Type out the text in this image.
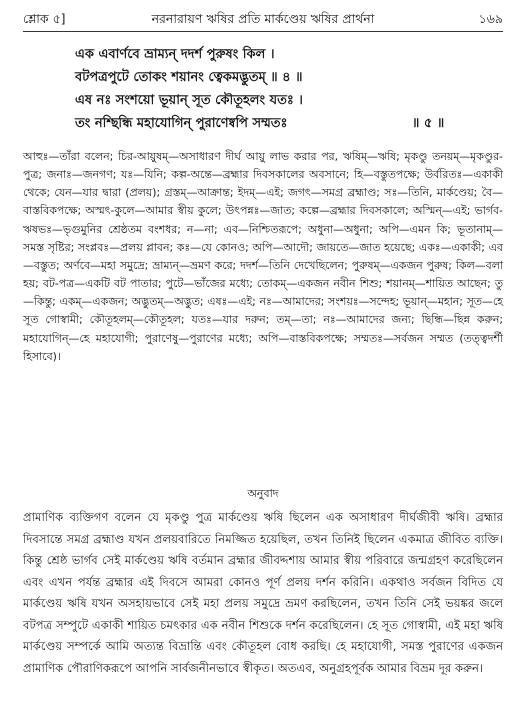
শ্লোক ৫]	নরনারায়ণ ঋষির প্রতি মার্কণ্ডেয় ঋষির প্রার্থনা	১৬৯
এক এবার্ণবে ভ্রাম্যন্ দদর্শ পুরুষং কিল ।
বটপত্রপুটে তোকং শয়ানং ত্বেকমদ্ভুতম্ ॥ ৪ ॥
এষ নঃ সংশয়ো ভূয়ান্ সূত কৌতূহলং যতঃ ।
তং নশ্ছিন্ধি মহাযোগিন্ পুরাণেষ্বপি সম্মতঃ	॥ ৫ ॥
আহুঃ—তাঁরা বলেন; চির-আয়ুষম্—অসাধারণ দীর্ঘ আয়ু লাভ করার পর, ঋষিম্—ঋষি; মৃকণ্ডু তনয়ম্—মৃকণ্ডুর-পুত্র; জনাঃ—জনগণ; যঃ—যিনি; কল্প-অন্তে—ব্রহ্মার দিবসকালের অবসানে; হি—বস্তুতপক্ষে; উর্বরিতঃ—একাকী থেকে; যেন—যার দ্বারা (প্রলয়); গ্রস্তম্—আক্রান্ত; ইদম্—এই; জগৎ—সমগ্র ব্রহ্মাণ্ড; সঃ—তিনি, মার্কণ্ডেয়; বৈ—বাস্তবিকপক্ষে; অস্মৎ-কুলে—আমার স্বীয় কুলে; উৎপন্নঃ—জাত; কল্পে—ব্রহ্মার দিবসকালে; অস্মিন্—এই; ভার্গব-ঋষভঃ—ভৃগুমুনির শ্রেষ্ঠতম বংশধর; ন—না; এব—নিশ্চিতরূপে; অধুনা—অধুনা; অপি—এমন কি; ভূতানাম্—সমস্ত সৃষ্টির; সংপ্লবঃ—প্রলয় প্লাবন; কঃ—যে কোনও; অপি—আদৌ; জায়তে—জাত হয়েছে; একঃ—একাকী; এব—বস্তুত; অর্ণবে—মহা সমুদ্রে; ভ্রাম্যন্—ভ্রমণ করে; দদর্শ—তিনি দেখেছিলেন; পুরুষম্—একজন পুরুষ; কিল—বলা হয়; বট-পত্র—একটি বট পাতার; পুটে—ভাঁজের মধ্যে; তোকম্—একজন নবীন শিশু; শয়ানম্—শায়িত আছেন; তু—কিন্তু; একম্—একজন; অদ্ভুতম্—অদ্ভুত; এষঃ—এই; নঃ—আমাদের; সংশয়ঃ—সন্দেহ; ভূয়ান্—মহান; সূত—হে সূত গোস্বামী; কৌতূহলম্—কৌতূহল; যতঃ—যার দরুন; তম্—তা; নঃ—আমাদের জন্য; ছিন্ধি—ছিন্ন করুন; মহাযোগিন্—হে মহাযোগী; পুরাণেষু—পুরাণের মধ্যে; অপি—বাস্তবিকপক্ষে; সম্মতঃ—সর্বজন সম্মত (তত্ত্বদর্শী হিসাবে)।
অনুবাদ
প্রামাণিক ব্যক্তিগণ বলেন যে মৃকণ্ডু পুত্র মার্কণ্ডেয় ঋষি ছিলেন এক অসাধারণ দীর্ঘজীবী ঋষি। ব্রহ্মার দিবসান্তে সমগ্র ব্রহ্মাণ্ড যখন প্রলয়বারিতে নিমজ্জিত হয়েছিল, তখন তিনিই ছিলেন একমাত্র জীবিত ব্যক্তি। কিন্তু শ্রেষ্ঠ ভার্গব সেই মার্কণ্ডেয় ঋষি বর্তমান ব্রহ্মার জীবদ্দশায় আমার স্বীয় পরিবারে জন্মগ্রহণ করেছিলেন এবং এখন পর্যন্ত ব্রহ্মার এই দিবসে আমরা কোনও পূর্ণ প্রলয় দর্শন করিনি। একথাও সর্বজন বিদিত যে মার্কণ্ডেয় ঋষি যখন অসহায়ভাবে সেই মহা প্রলয় সমুদ্রে ভ্রমণ করছিলেন, তখন তিনি সেই ভয়ঙ্কর জলে বটপত্র সম্পুটে একাকী শায়িত চমৎকার এক নবীন শিশুকে দর্শন করেছিলেন। হে সূত গোস্বামী, এই মহা ঋষি মার্কণ্ডেয় সম্পর্কে আমি অত্যন্ত বিভ্রান্তি এবং কৌতূহল বোধ করছি। হে মহাযোগী, সমস্ত পুরাণের একজন প্রামাণিক পৌরাণিকরূপে আপনি সার্বজনীনভাবে স্বীকৃত। অতএব, অনুগ্রহপূর্বক আমার বিভ্রম দূর করুন।
